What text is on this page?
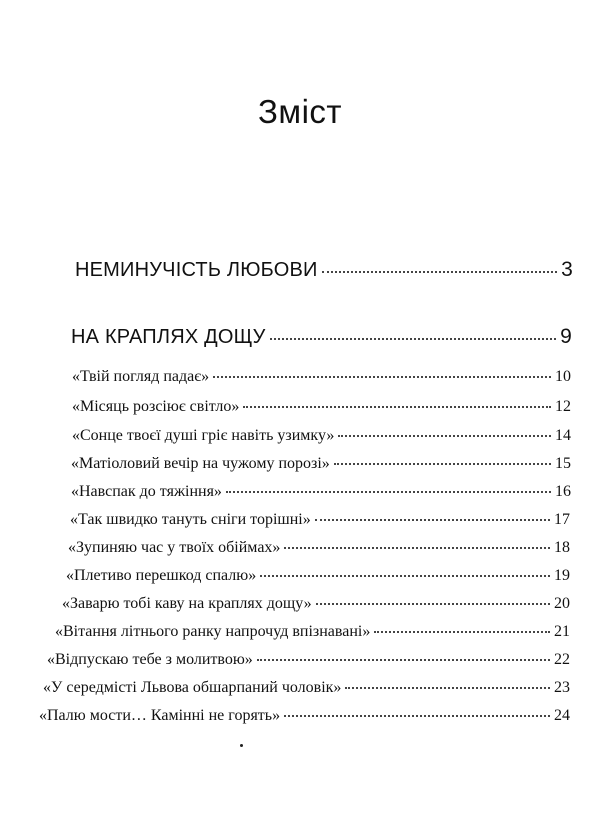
Зміст
НЕМИНУЧІСТЬ ЛЮБОВИ	3
НА КРАПЛЯХ ДОЩУ	9
«Твій погляд падає»	10
«Місяць розсіює світло»	12
«Сонце твоєї душі гріє навіть узимку»	14
«Матіоловий вечір на чужому порозі»	15
«Навспак до тяжіння»	16
«Так швидко тануть сніги торішні»	17
«Зупиняю час у твоїх обіймах»	18
«Плетиво перешкод спалю»	19
«Заварю тобі каву на краплях дощу»	20
«Вітання літнього ранку напрочуд впізнавані»	21
«Відпускаю тебе з молитвою»	22
«У середмісті Львова обшарпаний чоловік»	23
«Палю мости… Камінні не горять»	24
